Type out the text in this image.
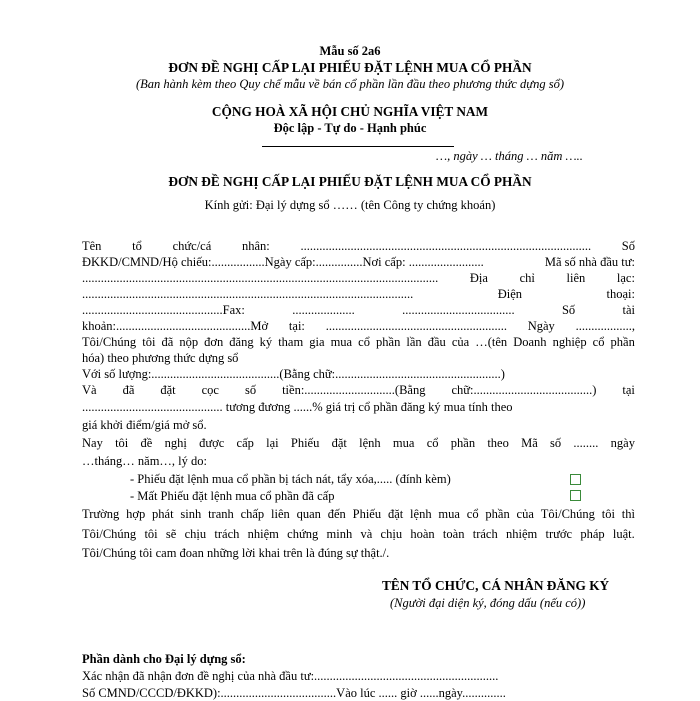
Mẫu số 2a6
ĐƠN ĐỀ NGHỊ CẤP LẠI PHIẾU ĐẶT LỆNH MUA CỔ PHẦN
(Ban hành kèm theo Quy chế mẫu về bán cổ phần lần đầu theo phương thức dựng sổ)
CỘNG HOÀ XÃ HỘI CHỦ NGHĨA VIỆT NAM
Độc lập - Tự do - Hạnh phúc
…, ngày … tháng … năm …..
ĐƠN ĐỀ NGHỊ CẤP LẠI PHIẾU ĐẶT LỆNH MUA CỔ PHẦN
Kính gửi: Đại lý dựng sổ …… (tên Công ty chứng khoán)
Tên tổ chức/cá nhân: ............................................................................................. Số
ĐKKD/CMND/Hộ chiếu:.................Ngày cấp:...............Nơi cấp: ........................	Mã số nhà đầu tư:
..................................................................................................................	Địa	chỉ	liên	lạc:
..........................................................................................................	Điện	thoại:
.............................................Fax:	....................	....................................	Số	tài
khoản:...........................................Mở tại: .......................................................... Ngày ..................,
Tôi/Chúng tôi đã nộp đơn đăng ký tham gia mua cổ phần lần đầu của …(tên Doanh nghiệp cổ phần
hóa) theo phương thức dựng sổ
Với số lượng:.........................................(Bằng chữ:.....................................................)
Và đã đặt cọc số tiền:.............................(Bằng chữ:......................................) tại
............................................. tương đương ......% giá trị cổ phần đăng ký mua tính theo
giá khởi điểm/giá mở sổ.
Nay tôi đề nghị được cấp lại Phiếu đặt lệnh mua cổ phần theo Mã số ........ ngày
…tháng… năm…, lý do:
- Phiếu đặt lệnh mua cổ phần bị tách nát, tẩy xóa,..... (đính kèm)
- Mất Phiếu đặt lệnh mua cổ phần đã cấp
Trường hợp phát sinh tranh chấp liên quan đến Phiếu đặt lệnh mua cổ phần của Tôi/Chúng tôi thì
Tôi/Chúng tôi sẽ chịu trách nhiệm chứng minh và chịu hoàn toàn trách nhiệm trước pháp luật.
Tôi/Chúng tôi cam đoan những lời khai trên là đúng sự thật./.
TÊN TỔ CHỨC, CÁ NHÂN ĐĂNG KÝ
(Người đại diện ký, đóng dấu (nếu có))
Phần dành cho Đại lý dựng sổ:
Xác nhận đã nhận đơn đề nghị của nhà đầu tư:...........................................................
Số CMND/CCCD/ĐKKD):.....................................Vào lúc ...... giờ ......ngày..............
